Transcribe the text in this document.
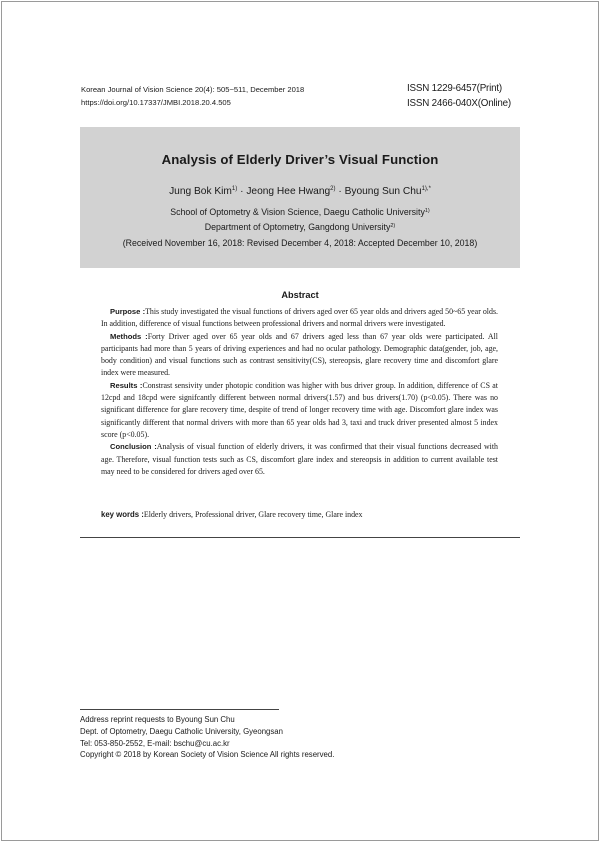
Korean Journal of Vision Science 20(4): 505~511, December 2018
https://doi.org/10.17337/JMBI.2018.20.4.505
ISSN 1229-6457(Print)
ISSN 2466-040X(Online)
Analysis of Elderly Driver’s Visual Function
Jung Bok Kim$^{1)}$ · Jeong Hee Hwang$^{2)}$ · Byoung Sun Chu$^{1),*}$
School of Optometry & Vision Science, Daegu Catholic University$^{1)}$
Department of Optometry, Gangdong University$^{2)}$
(Received November 16, 2018: Revised December 4, 2018: Accepted December 10, 2018)
Abstract

Purpose :This study investigated the visual functions of drivers aged over 65 year olds and drivers aged 50~65 year olds. In addition, difference of visual functions between professional drivers and normal drivers were investigated.

Methods :Forty Driver aged over 65 year olds and 67 drivers aged less than 67 year olds were participated. All participants had more than 5 years of driving experiences and had no ocular pathology. Demographic data(gender, job, age, body condition) and visual functions such as contrast sensitivity(CS), stereopsis, glare recovery time and discomfort glare index were measured.

Results :Constrast sensivity under photopic condition was higher with bus driver group. In addition, difference of CS at 12cpd and 18cpd were signifcantly different between normal drivers(1.57) and bus drivers(1.70) (p<0.05). There was no significant difference for glare recovery time, despite of trend of longer recovery time with age. Discomfort glare index was significantly different that normal drivers with more than 65 year olds had 3, taxi and truck driver presented almost 5 index score (p<0.05).

Conclusion :Analysis of visual function of elderly drivers, it was confirmed that their visual functions decreased with age. Therefore, visual function tests such as CS, discomfort glare index and stereopsis in addition to current available test may need to be considered for drivers aged over 65.

key words :Elderly drivers, Professional driver, Glare recovery time, Glare index
Address reprint requests to Byoung Sun Chu
Dept. of Optometry, Daegu Catholic University, Gyeongsan
Tel: 053-850-2552, E-mail: bschu@cu.ac.kr
Copyright © 2018 by Korean Society of Vision Science All rights reserved.
